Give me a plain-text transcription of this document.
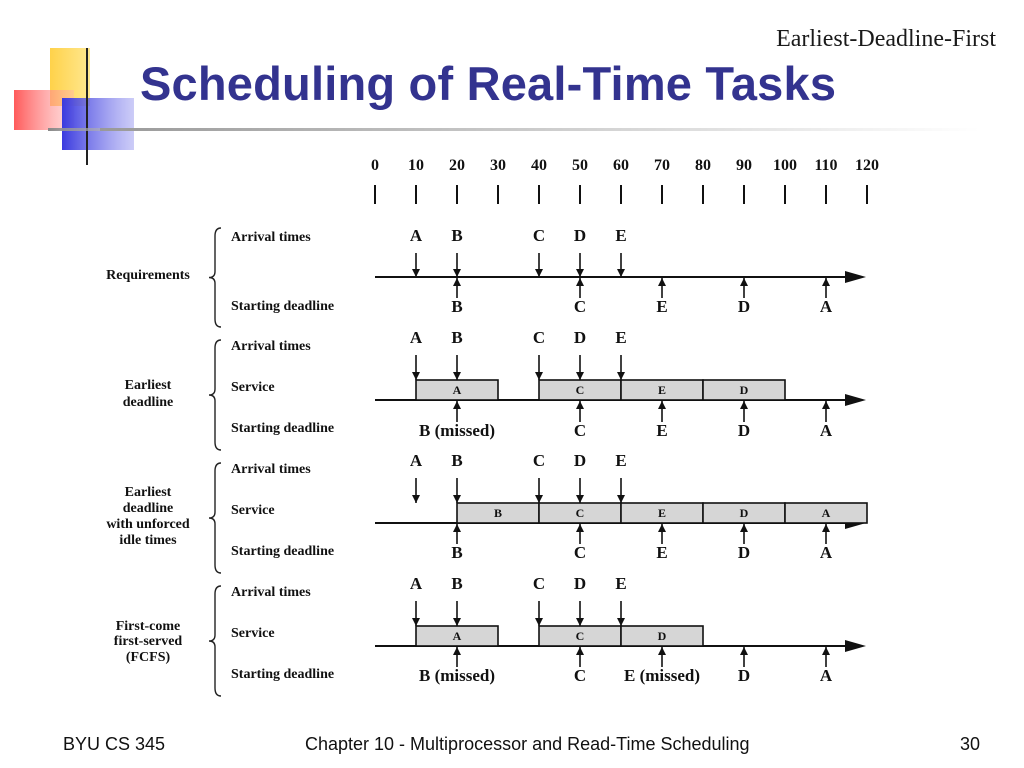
Earliest-Deadline-First
Scheduling of Real-Time Tasks
0 10 20 30 40 50 60 70 80 90 100 110 120
Requirements
Arrival times
Starting deadline
A B	C D E
B	C	E	D	A
Earliest
deadline
Arrival times
Service
Starting deadline
A B	C D E
A	C	E	D
B (missed)	C	E	D	A
Earliest
deadline
with unforced
idle times
Arrival times
Service
Starting deadline
A B	C D E
B	C	E	D	A
B	C	E	D	A
First-come
first-served
(FCFS)
Arrival times
Service
Starting deadline
A B	C D E
A	C	D
B (missed)	C E (missed) D	A
BYU CS 345	Chapter 10 - Multiprocessor and Read-Time Scheduling	30
